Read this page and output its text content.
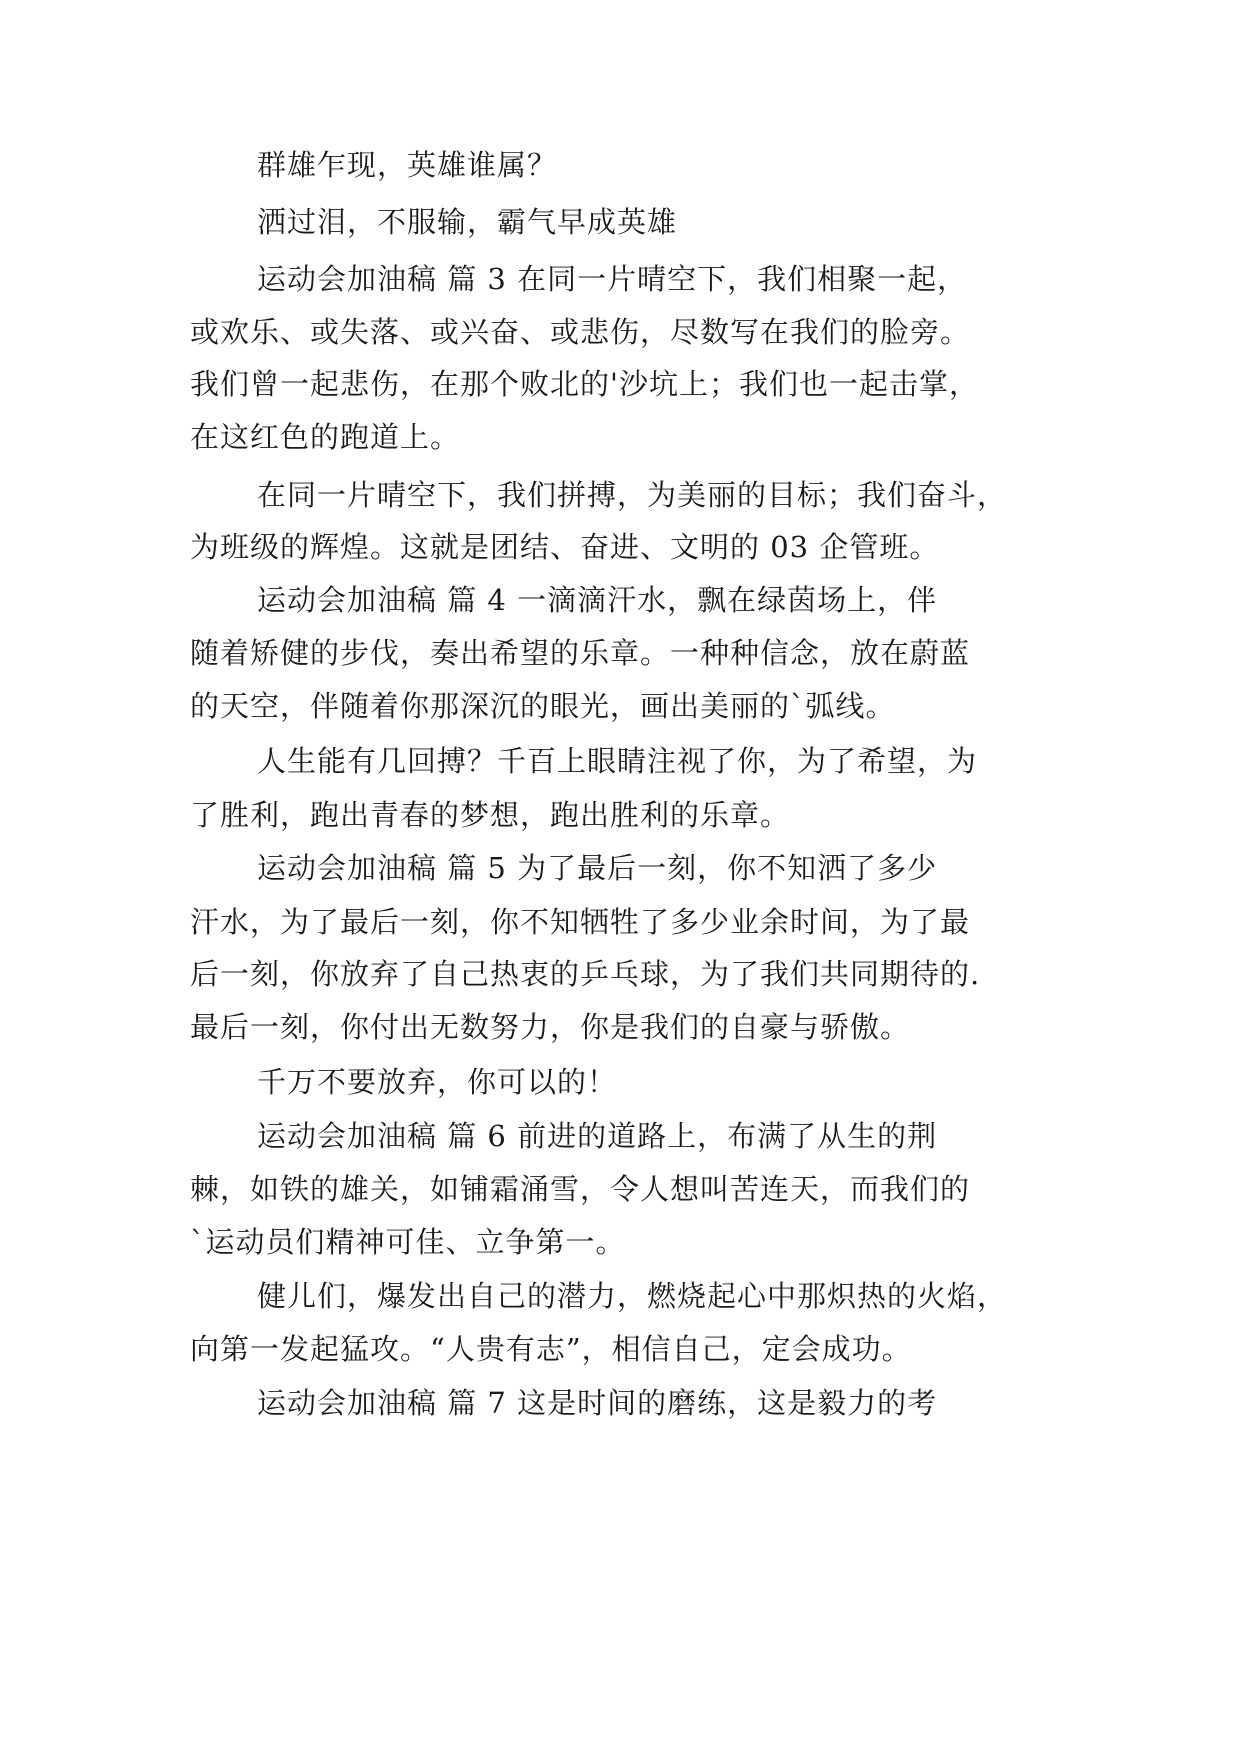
群雄乍现，英雄谁属？
洒过泪，不服输，霸气早成英雄
运动会加油稿 篇 3 在同一片晴空下，我们相聚一起，
或欢乐、或失落、或兴奋、或悲伤，尽数写在我们的脸旁。
我们曾一起悲伤，在那个败北的'沙坑上；我们也一起击掌，
在这红色的跑道上。
在同一片晴空下，我们拼搏，为美丽的目标；我们奋斗，
为班级的辉煌。这就是团结、奋进、文明的 03 企管班。
运动会加油稿 篇 4 一滴滴汗水，飘在绿茵场上，伴
随着矫健的步伐，奏出希望的乐章。一种种信念，放在蔚蓝
的天空，伴随着你那深沉的眼光，画出美丽的`弧线。
人生能有几回搏？千百上眼睛注视了你，为了希望，为
了胜利，跑出青春的梦想，跑出胜利的乐章。
运动会加油稿 篇 5 为了最后一刻，你不知洒了多少
汗水，为了最后一刻，你不知牺牲了多少业余时间，为了最
后一刻，你放弃了自己热衷的乒乓球，为了我们共同期待的.
最后一刻，你付出无数努力，你是我们的自豪与骄傲。
千万不要放弃，你可以的！
运动会加油稿 篇 6 前进的道路上，布满了从生的荆
棘，如铁的雄关，如铺霜涌雪，令人想叫苦连天，而我们的
`运动员们精神可佳、立争第一。
健儿们，爆发出自己的潜力，燃烧起心中那炽热的火焰，
向第一发起猛攻。“人贵有志”，相信自己，定会成功。
运动会加油稿 篇 7 这是时间的磨练，这是毅力的考
